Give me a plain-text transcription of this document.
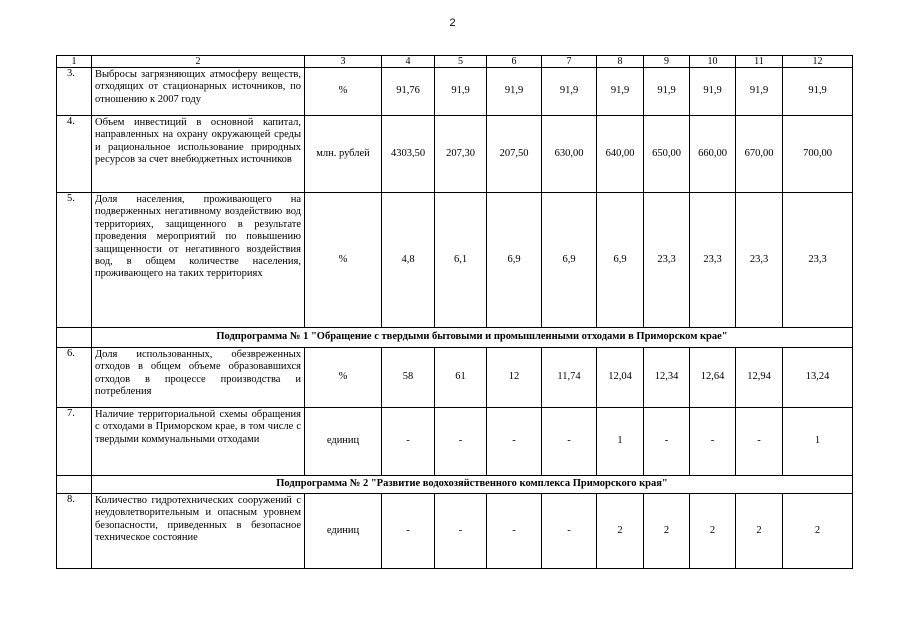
2
1	2	3	4	5	6	7	8	9	10	11	12
3.	Выбросы загрязняющих атмосферу веществ, отходящих от стационарных источников, по отношению к 2007 году	%	91,76	91,9	91,9	91,9	91,9	91,9	91,9	91,9	91,9
4.	Объем инвестиций в основной капитал, направленных на охрану окружающей среды и рациональное использование природных ресурсов за счет внебюджетных источников	млн. рублей	4303,50	207,30	207,50	630,00	640,00	650,00	660,00	670,00	700,00
5.	Доля населения, проживающего на подверженных негативному воздействию вод территориях, защищенного в результате проведения мероприятий по повышению защищенности от негативного воздействия вод, в общем количестве населения, проживающего на таких территориях	%	4,8	6,1	6,9	6,9	6,9	23,3	23,3	23,3	23,3
	Подпрограмма № 1 "Обращение с твердыми бытовыми и промышленными отходами в Приморском крае"										
6.	Доля использованных, обезвреженных отходов в общем объеме образовавшихся отходов в процессе производства и потребления	%	58	61	12	11,74	12,04	12,34	12,64	12,94	13,24
7.	Наличие территориальной схемы обращения с отходами в Приморском крае, в том числе с твердыми коммунальными отходами	единиц	-	-	-	-	1	-	-	-	1
	Подпрограмма № 2 "Развитие водохозяйственного комплекса Приморского края"										
8.	Количество гидротехнических сооружений с неудовлетворительным и опасным уровнем безопасности, приведенных в безопасное техническое состояние	единиц	-	-	-	-	2	2	2	2	2
